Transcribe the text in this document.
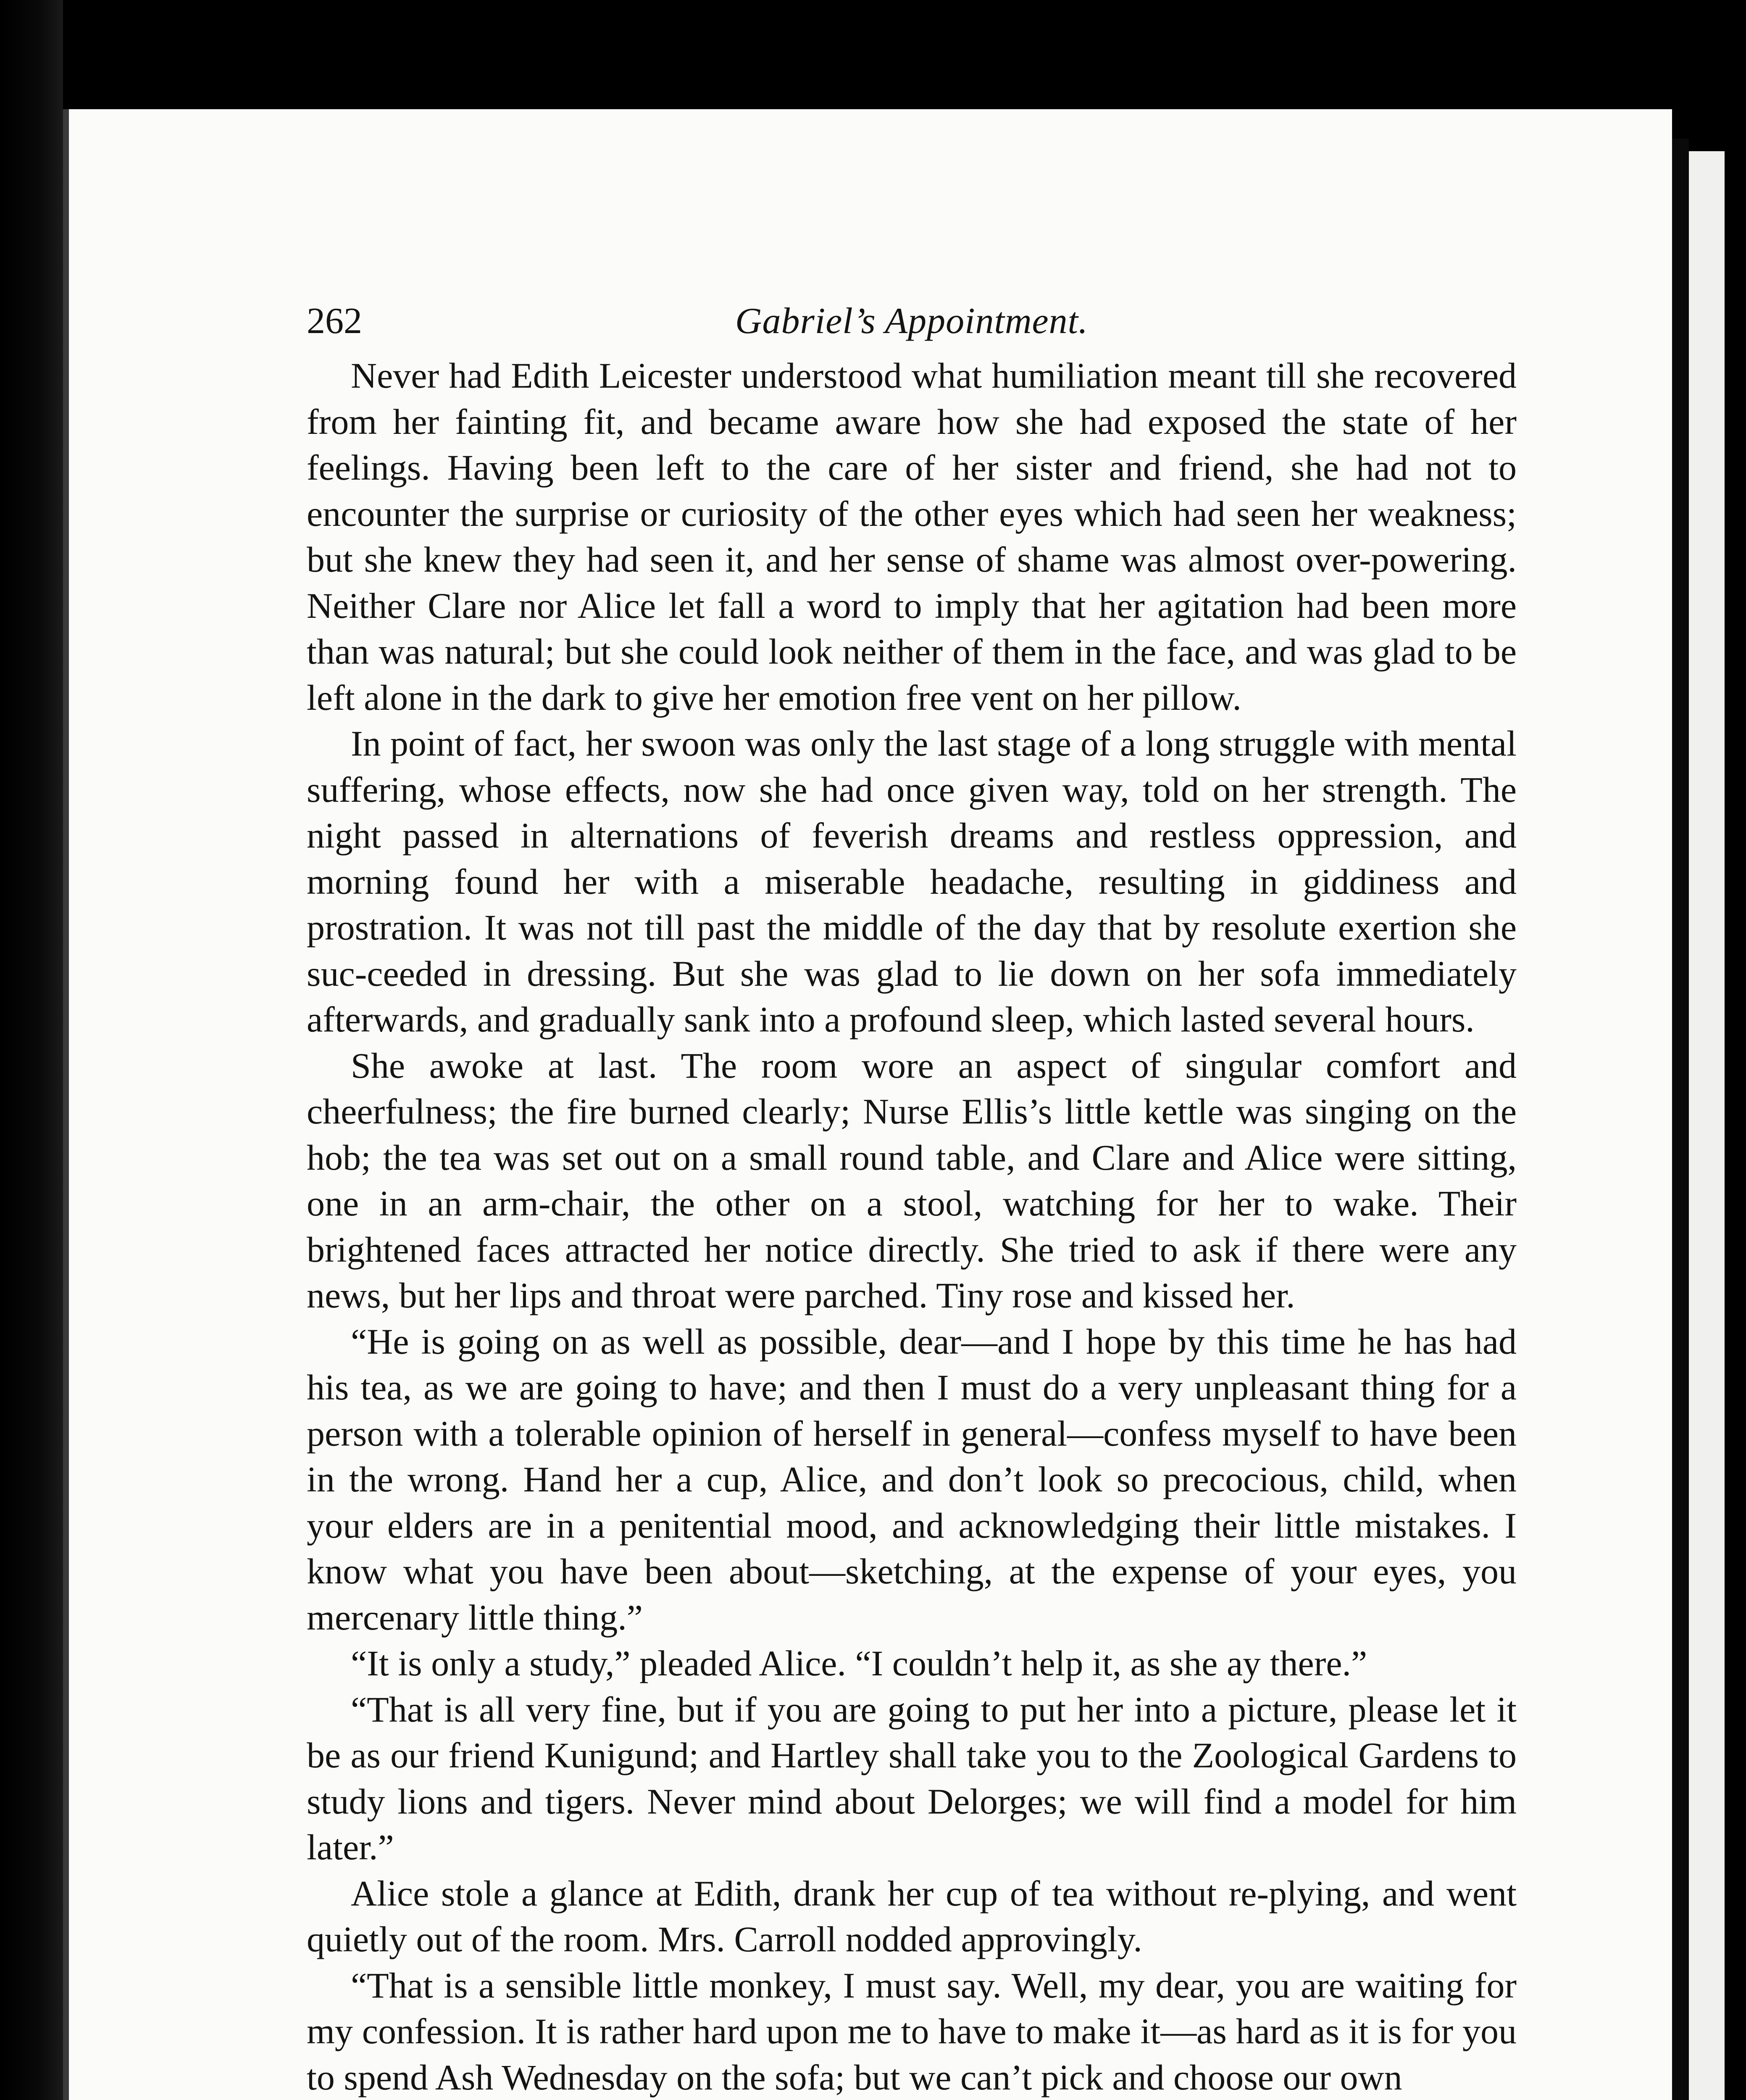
262	Gabriel’s Appointment.

Never had Edith Leicester understood what humiliation meant till she recovered from her fainting fit, and became aware how she had exposed the state of her feelings. Having been left to the care of her sister and friend, she had not to encounter the surprise or curiosity of the other eyes which had seen her weakness; but she knew they had seen it, and her sense of shame was almost over-powering. Neither Clare nor Alice let fall a word to imply that her agitation had been more than was natural; but she could look neither of them in the face, and was glad to be left alone in the dark to give her emotion free vent on her pillow.

In point of fact, her swoon was only the last stage of a long struggle with mental suffering, whose effects, now she had once given way, told on her strength. The night passed in alternations of feverish dreams and restless oppression, and morning found her with a miserable headache, resulting in giddiness and prostration. It was not till past the middle of the day that by resolute exertion she suc-ceeded in dressing. But she was glad to lie down on her sofa immediately afterwards, and gradually sank into a profound sleep, which lasted several hours.

She awoke at last. The room wore an aspect of singular comfort and cheerfulness; the fire burned clearly; Nurse Ellis’s little kettle was singing on the hob; the tea was set out on a small round table, and Clare and Alice were sitting, one in an arm-chair, the other on a stool, watching for her to wake. Their brightened faces attracted her notice directly. She tried to ask if there were any news, but her lips and throat were parched. Tiny rose and kissed her.

“He is going on as well as possible, dear—and I hope by this time he has had his tea, as we are going to have; and then I must do a very unpleasant thing for a person with a tolerable opinion of herself in general—confess myself to have been in the wrong. Hand her a cup, Alice, and don’t look so precocious, child, when your elders are in a penitential mood, and acknowledging their little mistakes. I know what you have been about—sketching, at the expense of your eyes, you mercenary little thing.”

“It is only a study,” pleaded Alice. “I couldn’t help it, as she ay there.”

“That is all very fine, but if you are going to put her into a picture, please let it be as our friend Kunigund; and Hartley shall take you to the Zoological Gardens to study lions and tigers. Never mind about Delorges; we will find a model for him later.”

Alice stole a glance at Edith, drank her cup of tea without re-plying, and went quietly out of the room. Mrs. Carroll nodded approvingly.

“That is a sensible little monkey, I must say. Well, my dear, you are waiting for my confession. It is rather hard upon me to have to make it—as hard as it is for you to spend Ash Wednesday on the sofa; but we can’t pick and choose our own
